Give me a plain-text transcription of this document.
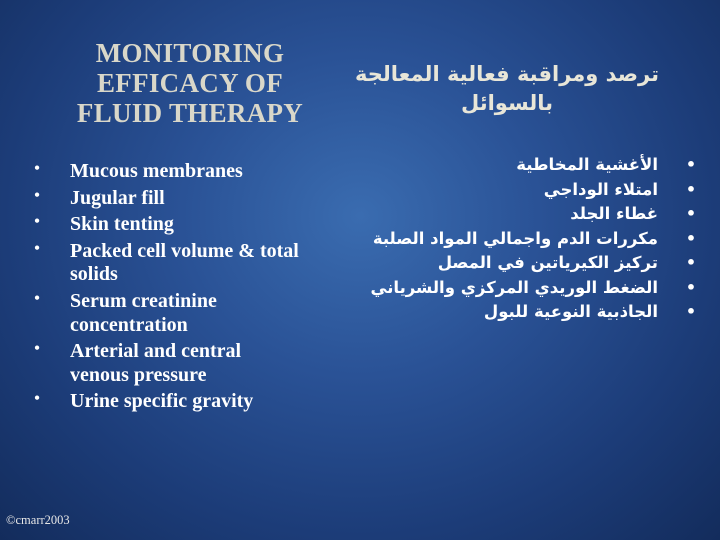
MONITORING
EFFICACY OF
FLUID THERAPY
•	Mucous membranes
•	Jugular fill
•	Skin tenting
•	Packed cell volume & total
solids
•	Serum creatinine
concentration
•	Arterial and central
venous pressure
•	Urine specific gravity
ترصد ومراقبة فعالية المعالجة
بالسوائل
•
الأغشية المخاطية
•
امتلاء الوداجي
•
غطاء الجلد
•
مكررات الدم واجمالي المواد الصلبة
•
تركيز الكيرياتين في المصل
•
الضغط الوريدي المركزي والشرياني
•
الجاذبية النوعية للبول
©cmarr2003
